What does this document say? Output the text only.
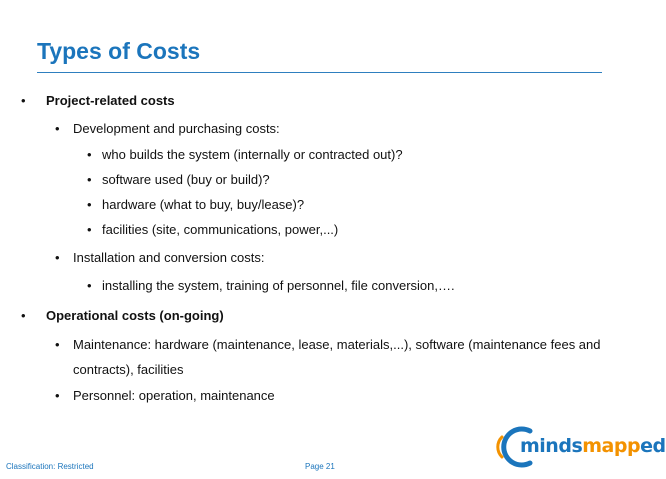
Types of Costs
• Project-related costs
• Development and purchasing costs:
• who builds the system (internally or contracted out)?
• software used (buy or build)?
• hardware (what to buy, buy/lease)?
• facilities (site, communications, power,...)
• Installation and conversion costs:
• installing the system, training of personnel, file conversion,….
• Operational costs (on-going)
• Maintenance: hardware (maintenance, lease, materials,...), software (maintenance fees and contracts), facilities
• Personnel: operation, maintenance
mindsmapped
Classification: Restricted	Page 21
